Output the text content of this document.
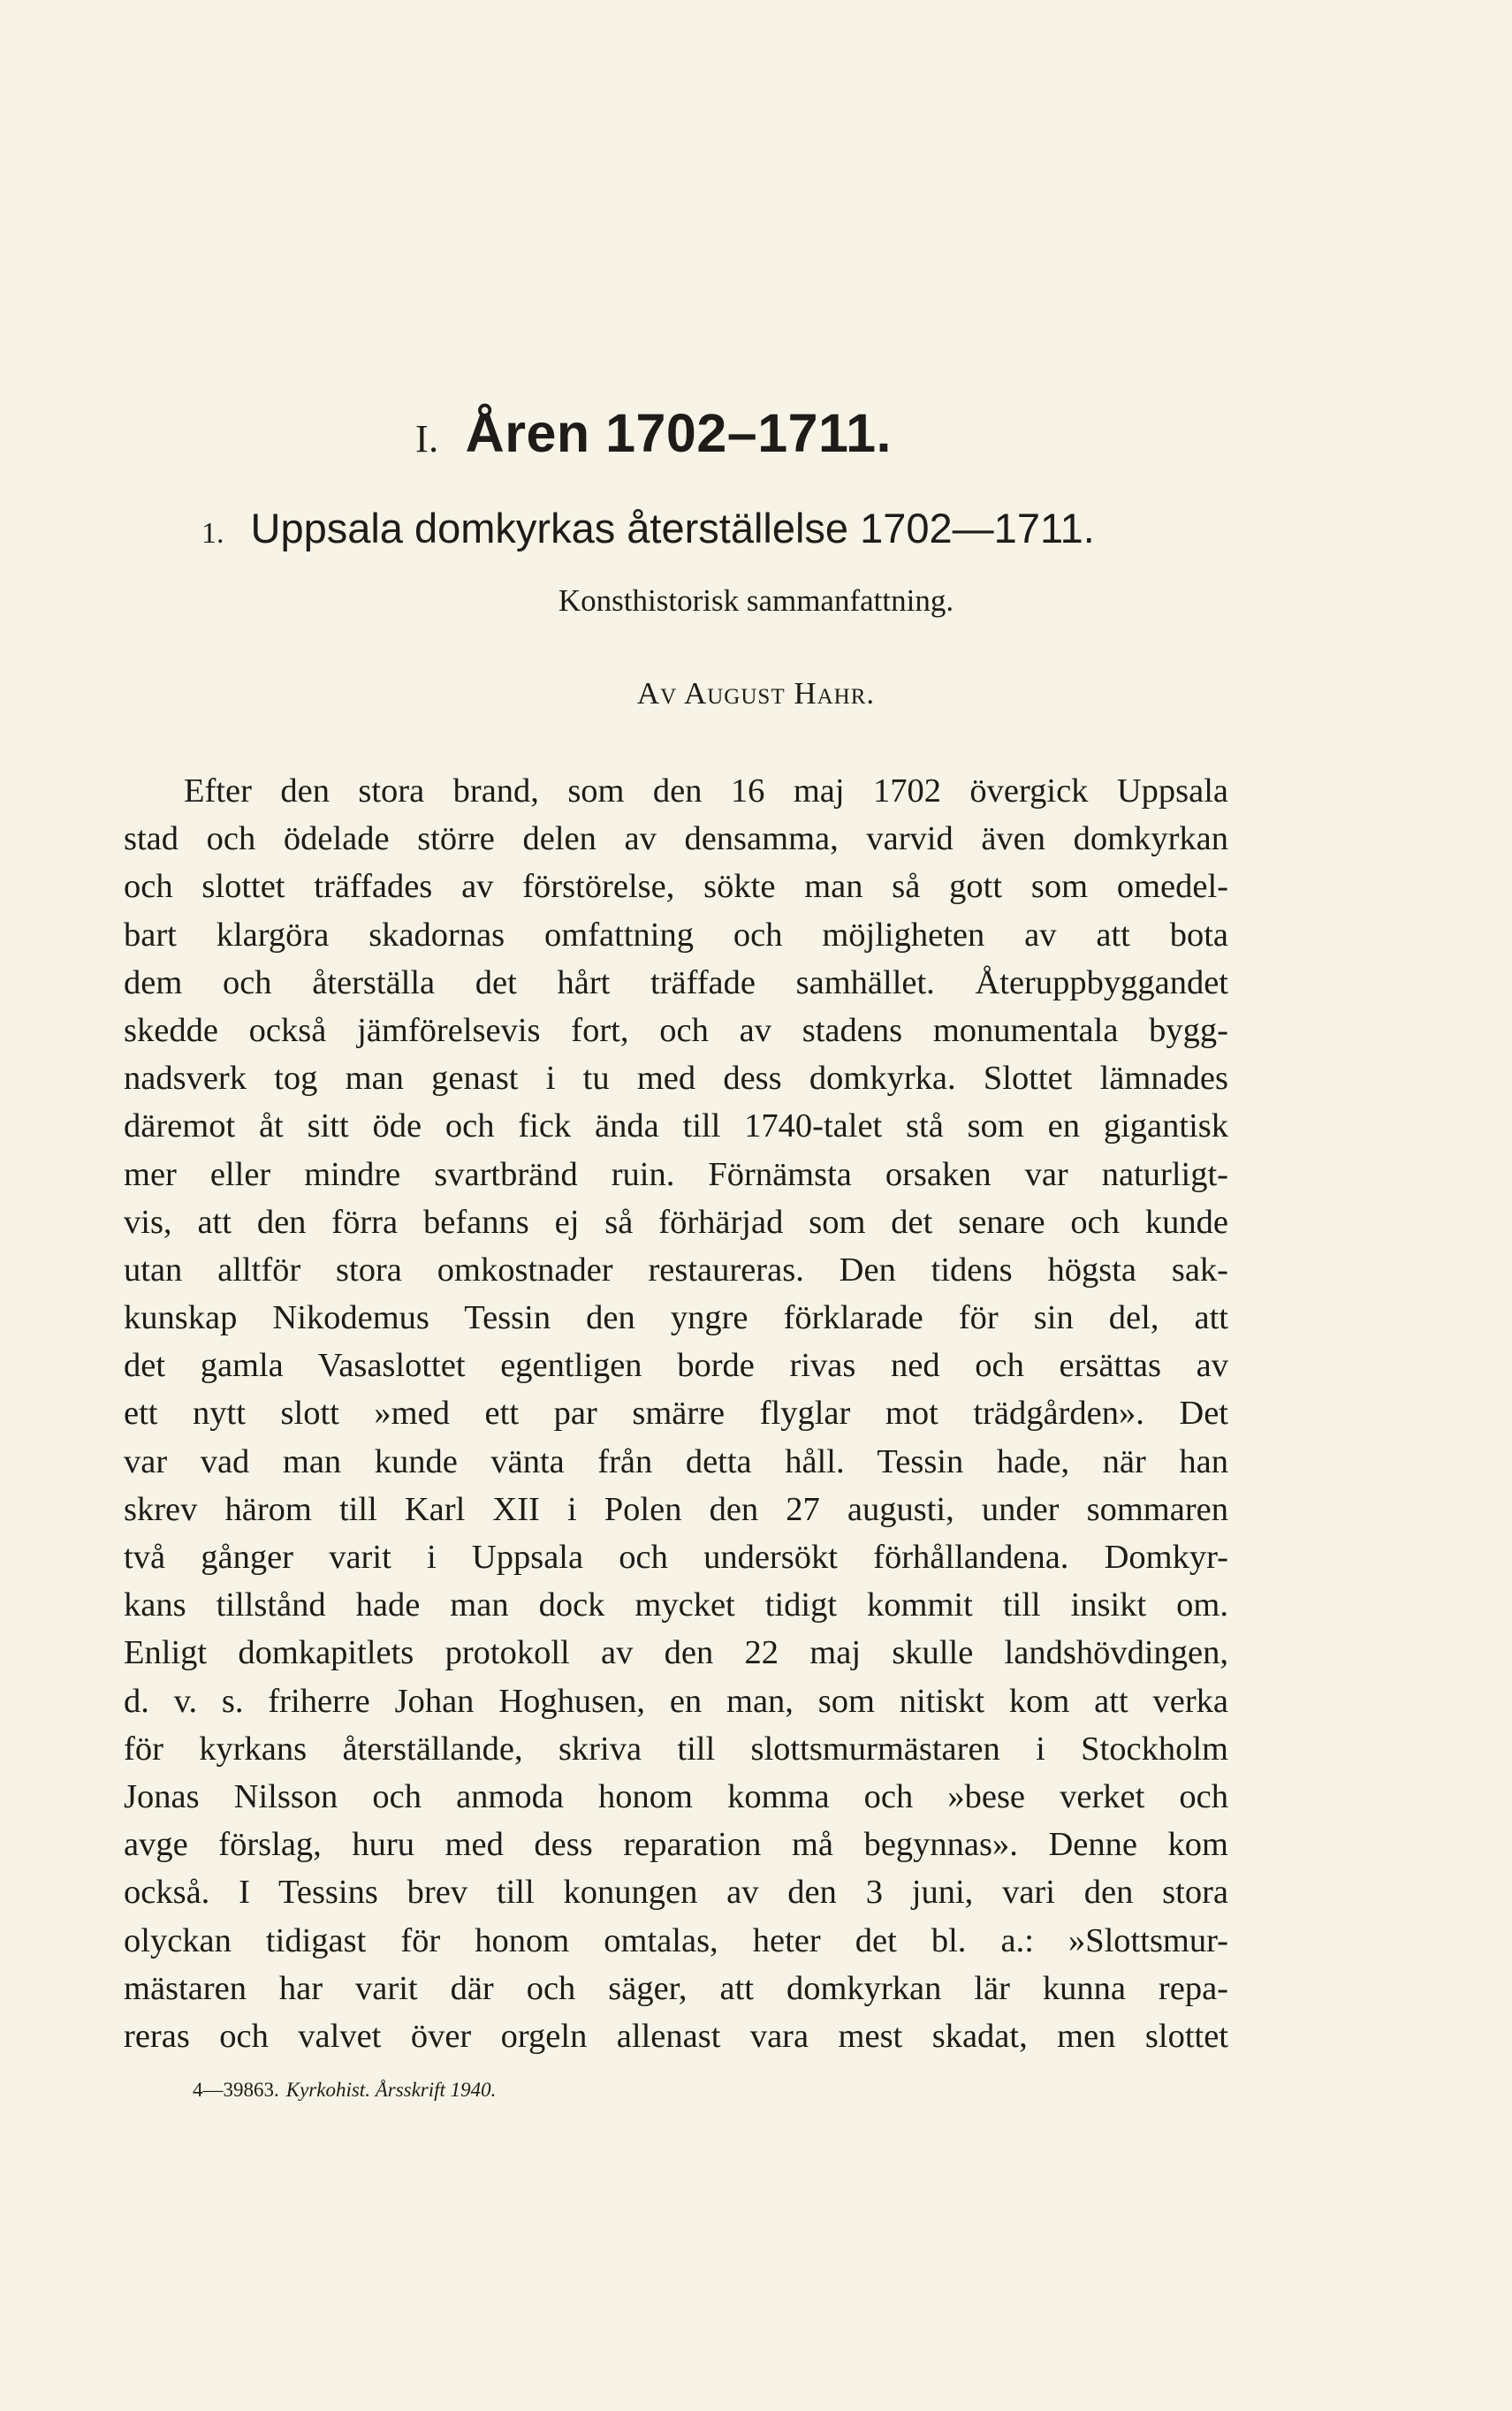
I. Åren 1702–1711.
1. Uppsala domkyrkas återställelse 1702—1711.
Konsthistorisk sammanfattning.
Av August Hahr.
Efter den stora brand, som den 16 maj 1702 övergick Uppsala
stad och ödelade större delen av densamma, varvid även domkyrkan
och slottet träffades av förstörelse, sökte man så gott som omedel-
bart klargöra skadornas omfattning och möjligheten av att bota
dem och återställa det hårt träffade samhället. Återuppbyggandet
skedde också jämförelsevis fort, och av stadens monumentala bygg-
nadsverk tog man genast i tu med dess domkyrka. Slottet lämnades
däremot åt sitt öde och fick ända till 1740-talet stå som en gigantisk
mer eller mindre svartbränd ruin. Förnämsta orsaken var naturligt-
vis, att den förra befanns ej så förhärjad som det senare och kunde
utan alltför stora omkostnader restaureras. Den tidens högsta sak-
kunskap Nikodemus Tessin den yngre förklarade för sin del, att
det gamla Vasaslottet egentligen borde rivas ned och ersättas av
ett nytt slott »med ett par smärre flyglar mot trädgården». Det
var vad man kunde vänta från detta håll. Tessin hade, när han
skrev härom till Karl XII i Polen den 27 augusti, under sommaren
två gånger varit i Uppsala och undersökt förhållandena. Domkyr-
kans tillstånd hade man dock mycket tidigt kommit till insikt om.
Enligt domkapitlets protokoll av den 22 maj skulle landshövdingen,
d. v. s. friherre Johan Hoghusen, en man, som nitiskt kom att verka
för kyrkans återställande, skriva till slottsmurmästaren i Stockholm
Jonas Nilsson och anmoda honom komma och »bese verket och
avge förslag, huru med dess reparation må begynnas». Denne kom
också. I Tessins brev till konungen av den 3 juni, vari den stora
olyckan tidigast för honom omtalas, heter det bl. a.: »Slottsmur-
mästaren har varit där och säger, att domkyrkan lär kunna repa-
reras och valvet över orgeln allenast vara mest skadat, men slottet
4—39863. Kyrkohist. Årsskrift 1940.
